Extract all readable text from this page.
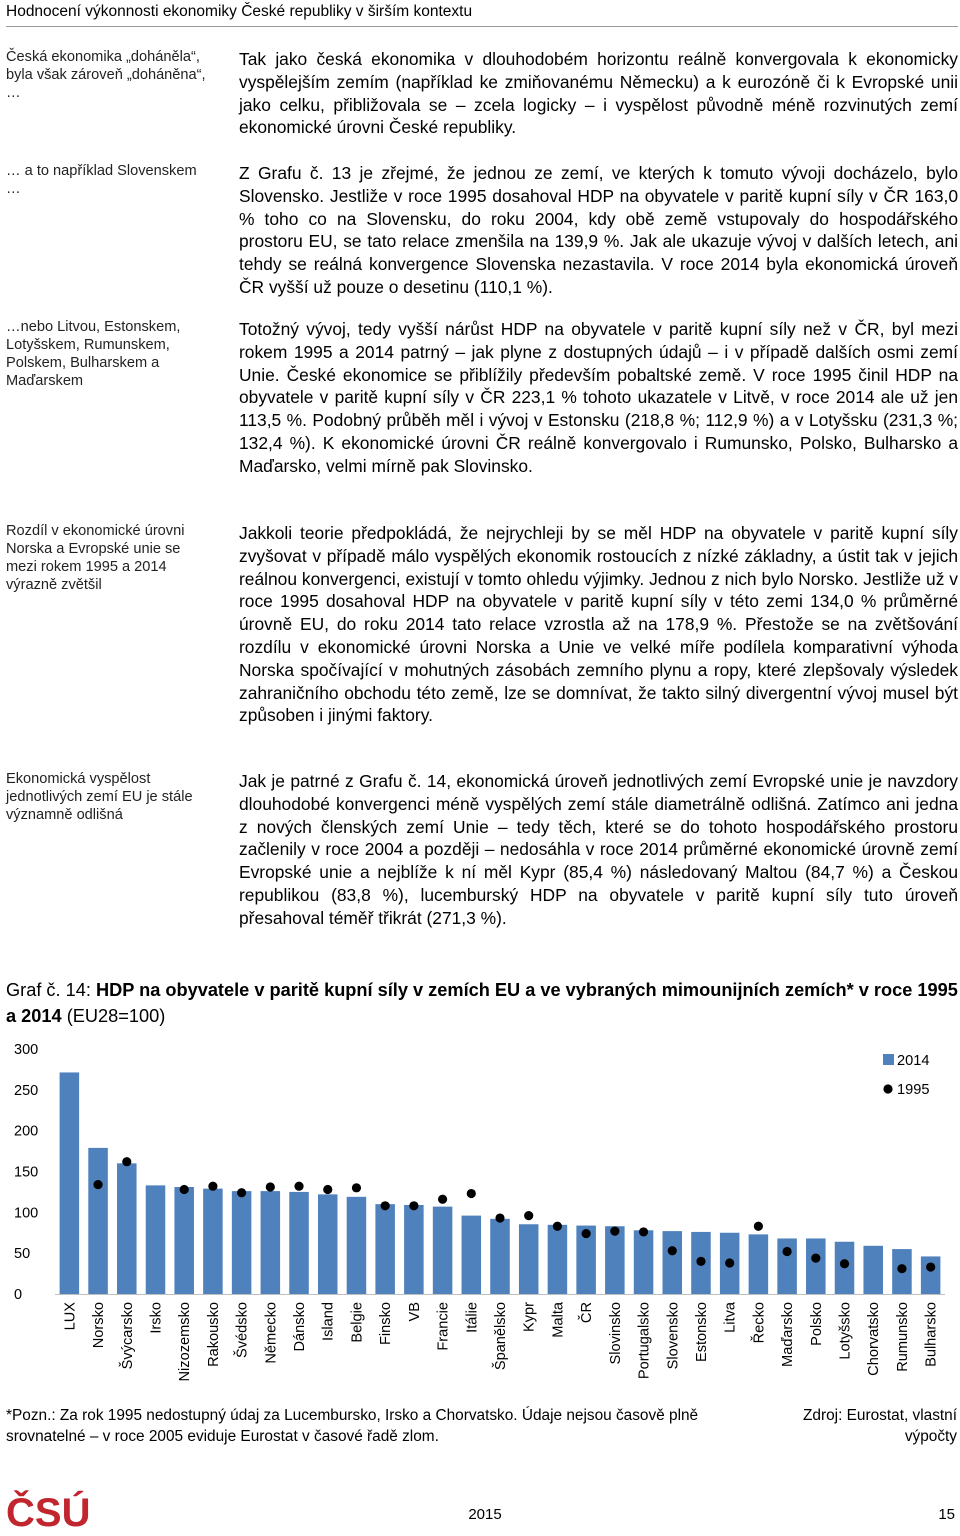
Hodnocení výkonnosti ekonomiky České republiky v širším kontextu
Česká ekonomika „doháněla“, byla však zároveň „doháněna“, …
… a to například Slovenskem …
…nebo Litvou, Estonskem, Lotyšskem, Rumunskem, Polskem, Bulharskem a Maďarskem
Rozdíl v ekonomické úrovni Norska a Evropské unie se mezi rokem 1995 a 2014 výrazně zvětšil
Ekonomická vyspělost jednotlivých zemí EU je stále významně odlišná
Tak jako česká ekonomika v dlouhodobém horizontu reálně konvergovala k ekonomicky vyspělejším zemím (například ke zmiňovanému Německu) a k eurozóně či k Evropské unii jako celku, přibližovala se – zcela logicky – i vyspělost původně méně rozvinutých zemí ekonomické úrovni České republiky.
Z Grafu č. 13 je zřejmé, že jednou ze zemí, ve kterých k tomuto vývoji docházelo, bylo Slovensko. Jestliže v roce 1995 dosahoval HDP na obyvatele v paritě kupní síly v ČR 163,0 % toho co na Slovensku, do roku 2004, kdy obě země vstupovaly do hospodářského prostoru EU, se tato relace zmenšila na 139,9 %. Jak ale ukazuje vývoj v dalších letech, ani tehdy se reálná konvergence Slovenska nezastavila. V roce 2014 byla ekonomická úroveň ČR vyšší už pouze o desetinu (110,1 %).
Totožný vývoj, tedy vyšší nárůst HDP na obyvatele v paritě kupní síly než v ČR, byl mezi rokem 1995 a 2014 patrný – jak plyne z dostupných údajů – i v případě dalších osmi zemí Unie. České ekonomice se přiblížily především pobaltské země. V roce 1995 činil HDP na obyvatele v paritě kupní síly v ČR 223,1 % tohoto ukazatele v Litvě, v roce 2014 ale už jen 113,5 %. Podobný průběh měl i vývoj v Estonsku (218,8 %; 112,9 %) a v Lotyšsku (231,3 %; 132,4 %). K ekonomické úrovni ČR reálně konvergovalo i Rumunsko, Polsko, Bulharsko a Maďarsko, velmi mírně pak Slovinsko.
Jakkoli teorie předpokládá, že nejrychleji by se měl HDP na obyvatele v paritě kupní síly zvyšovat v případě málo vyspělých ekonomik rostoucích z nízké základny, a ústit tak v jejich reálnou konvergenci, existují v tomto ohledu výjimky. Jednou z nich bylo Norsko. Jestliže už v roce 1995 dosahoval HDP na obyvatele v paritě kupní síly v této zemi 134,0 % průměrné úrovně EU, do roku 2014 tato relace vzrostla až na 178,9 %. Přestože se na zvětšování rozdílu v ekonomické úrovni Norska a Unie ve velké míře podílela komparativní výhoda Norska spočívající v mohutných zásobách zemního plynu a ropy, které zlepšovaly výsledek zahraničního obchodu této země, lze se domnívat, že takto silný divergentní vývoj musel být způsoben i jinými faktory.
Jak je patrné z Grafu č. 14, ekonomická úroveň jednotlivých zemí Evropské unie je navzdory dlouhodobé konvergenci méně vyspělých zemí stále diametrálně odlišná. Zatímco ani jedna z nových členských zemí Unie – tedy těch, které se do tohoto hospodářského prostoru začlenily v roce 2004 a později – nedosáhla v roce 2014 průměrné ekonomické úrovně zemí Evropské unie a nejblíže k ní měl Kypr (85,4 %) následovaný Maltou (84,7 %) a Českou republikou (83,8 %), lucemburský HDP na obyvatele v paritě kupní síly tuto úroveň přesahoval téměř třikrát (271,3 %).
Graf č. 14: HDP na obyvatele v paritě kupní síly v zemích EU a ve vybraných mimounijních zemích* v roce 1995 a 2014 (EU28=100)
0
50
100
150
200
250
300
LUX Norsko Švýcarsko Irsko Nizozemsko Rakousko Švédsko Německo Dánsko Island Belgie Finsko VB Francie Itálie Španělsko Kypr Malta ČR Slovinsko Portugalsko Slovensko Estonsko Litva Řecko Maďarsko Polsko Lotyšsko Chorvatsko Rumunsko Bulharsko
2014
1995
*Pozn.: Za rok 1995 nedostupný údaj za Lucembursko, Irsko a Chorvatsko. Údaje nejsou časově plně srovnatelné – v roce 2005 eviduje Eurostat v časové řadě zlom.
Zdroj: Eurostat, vlastní výpočty
ČSÚ	2015	15
